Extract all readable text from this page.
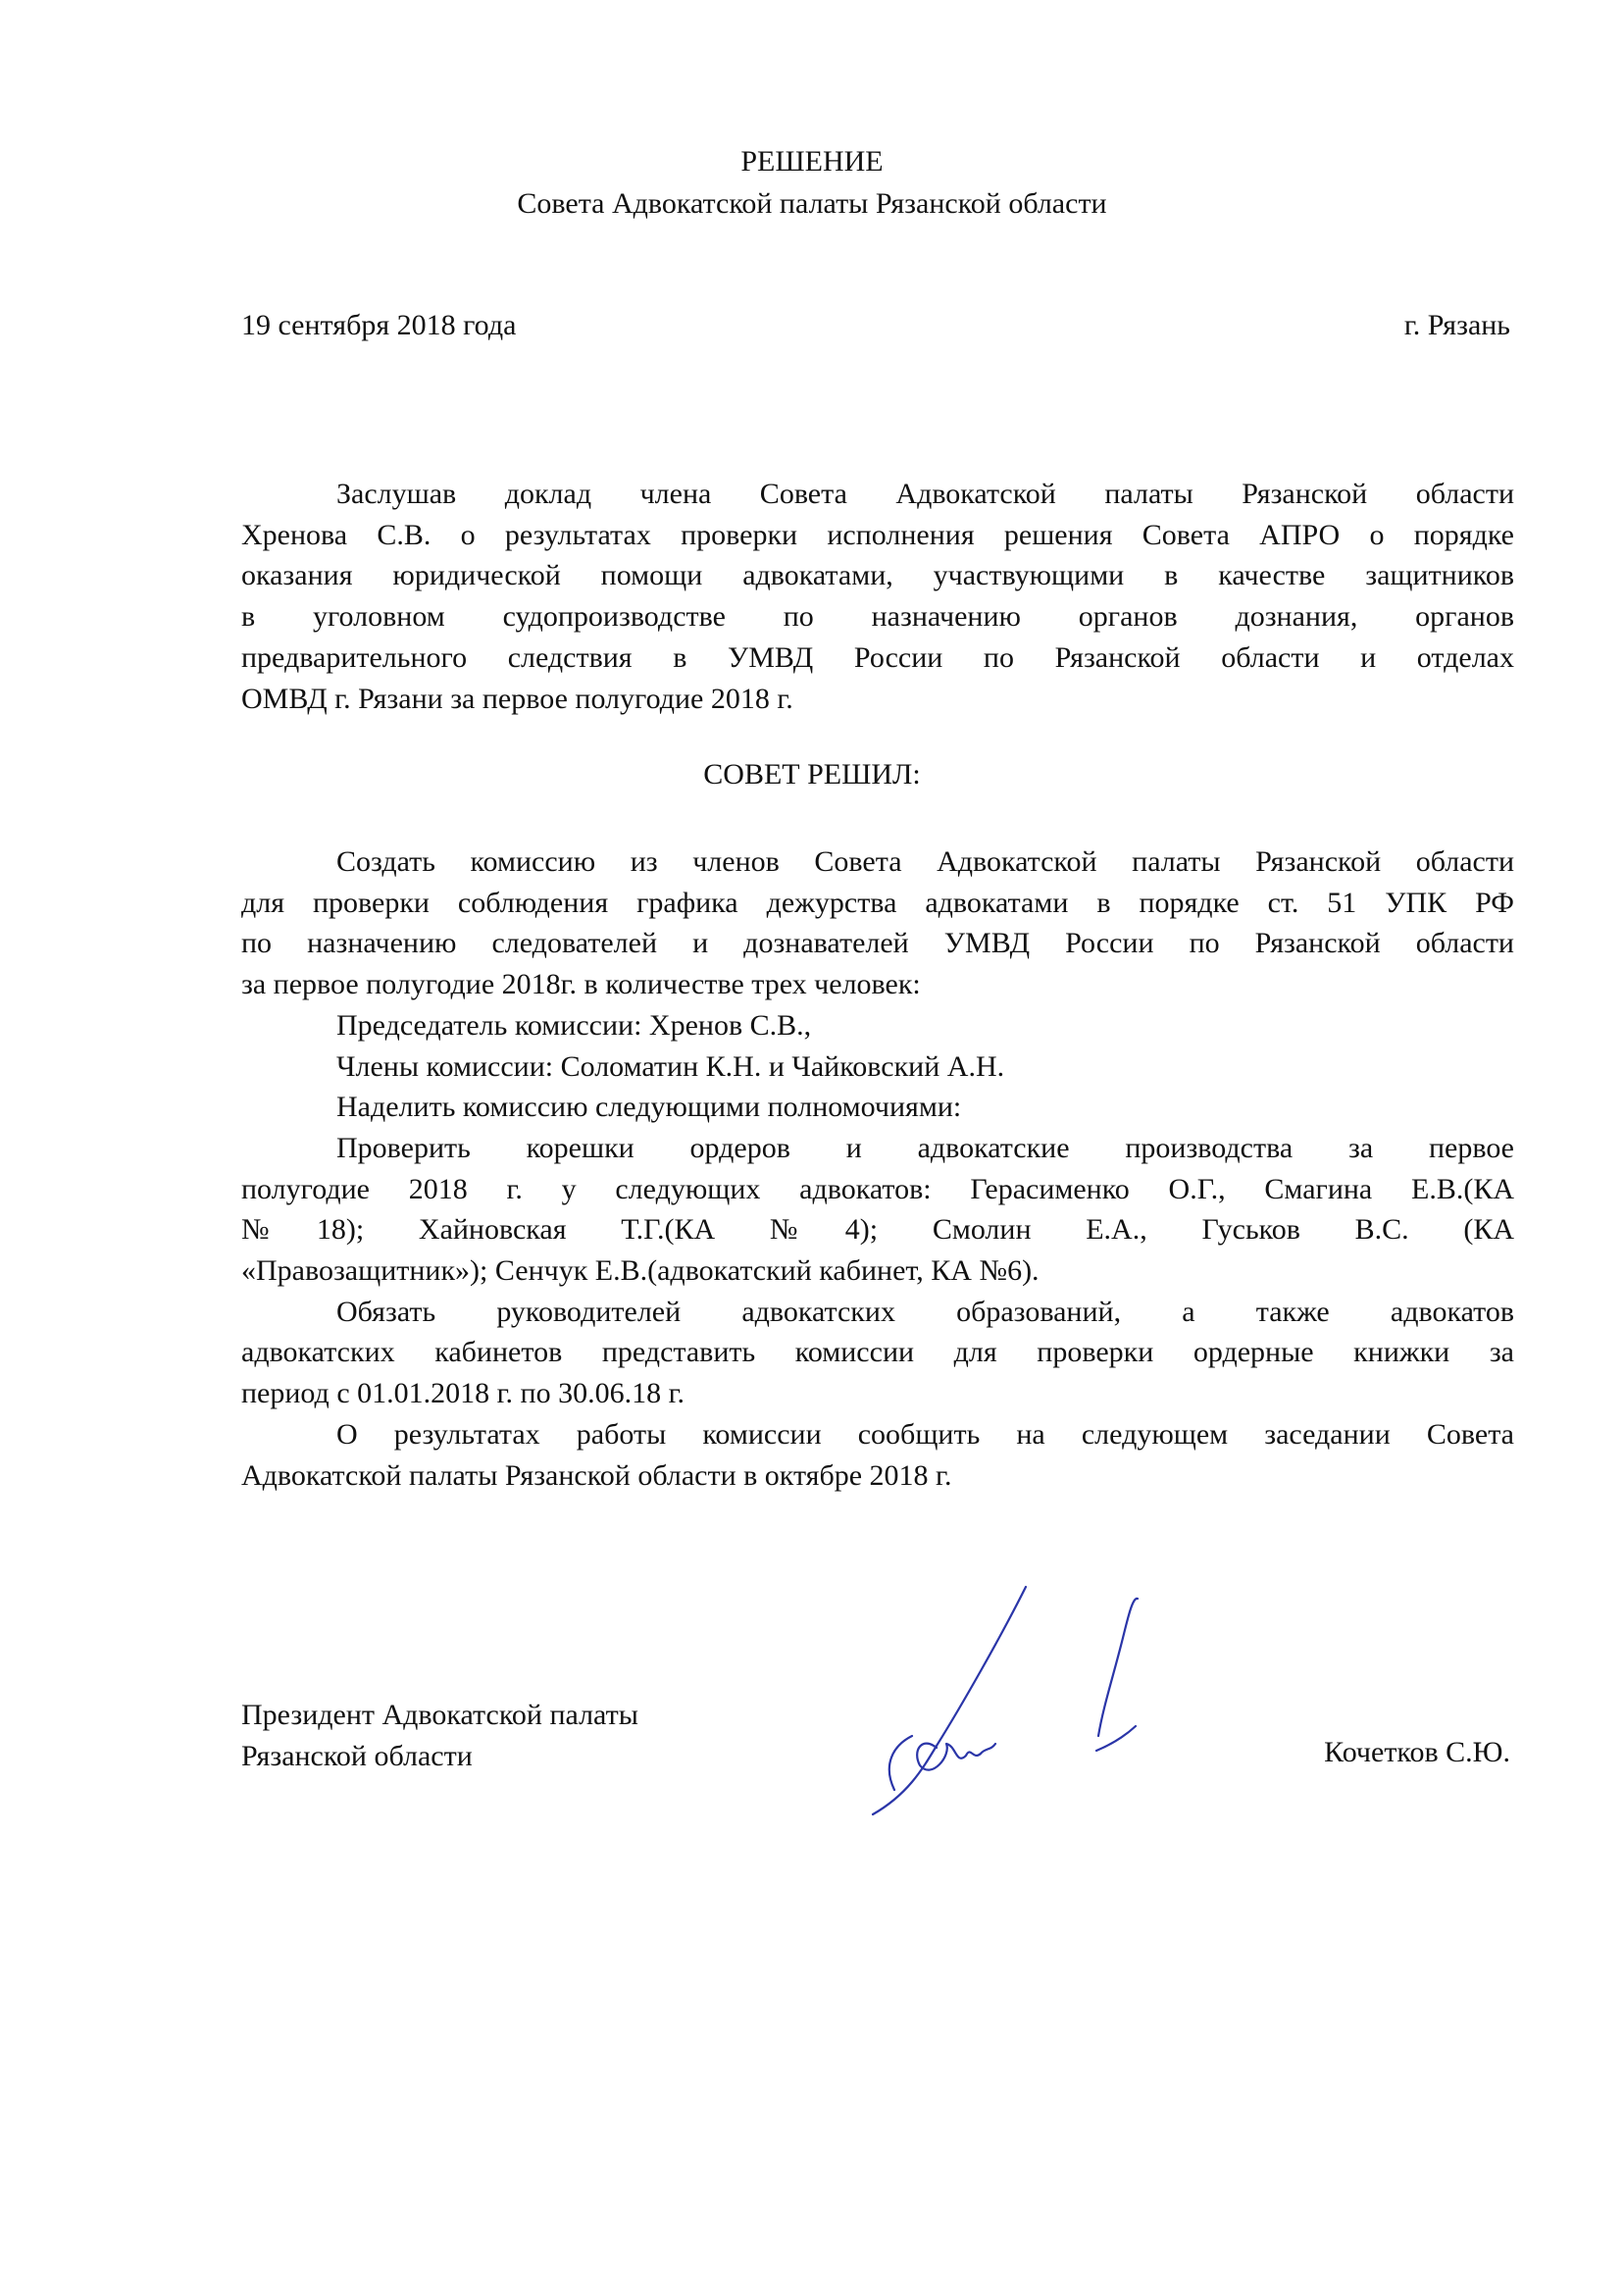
РЕШЕНИЕ
Совета Адвокатской палаты Рязанской области
19 сентября 2018 года	г. Рязань
Заслушав доклад члена Совета Адвокатской палаты Рязанской области
Хренова С.В. о результатах проверки исполнения решения Совета АПРО о порядке
оказания юридической помощи адвокатами, участвующими в качестве защитников
в уголовном судопроизводстве по назначению органов дознания, органов
предварительного следствия в УМВД России по Рязанской области и отделах
ОМВД г. Рязани за первое полугодие 2018 г.
СОВЕТ РЕШИЛ:
Создать комиссию из членов Совета Адвокатской палаты Рязанской области
для проверки соблюдения графика дежурства адвокатами в порядке ст. 51 УПК РФ
по назначению следователей и дознавателей УМВД России по Рязанской области
за первое полугодие 2018г. в количестве трех человек:
Председатель комиссии: Хренов С.В.,
Члены комиссии: Соломатин К.Н. и Чайковский А.Н.
Наделить комиссию следующими полномочиями:
Проверить корешки ордеров и адвокатские производства за первое
полугодие 2018 г. у следующих адвокатов: Герасименко О.Г., Смагина Е.В.(КА
№18); Хайновская Т.Г.(КА №4); Смолин Е.А., Гуськов В.С. (КА
«Правозащитник»); Сенчук Е.В.(адвокатский кабинет, КА №6).
Обязать руководителей адвокатских образований, а также адвокатов
адвокатских кабинетов представить комиссии для проверки ордерные книжки за
период с 01.01.2018 г. по 30.06.18 г.
О результатах работы комиссии сообщить на следующем заседании Совета
Адвокатской палаты Рязанской области в октябре 2018 г.
Президент Адвокатской палаты
Рязанской области	Кочетков С.Ю.
